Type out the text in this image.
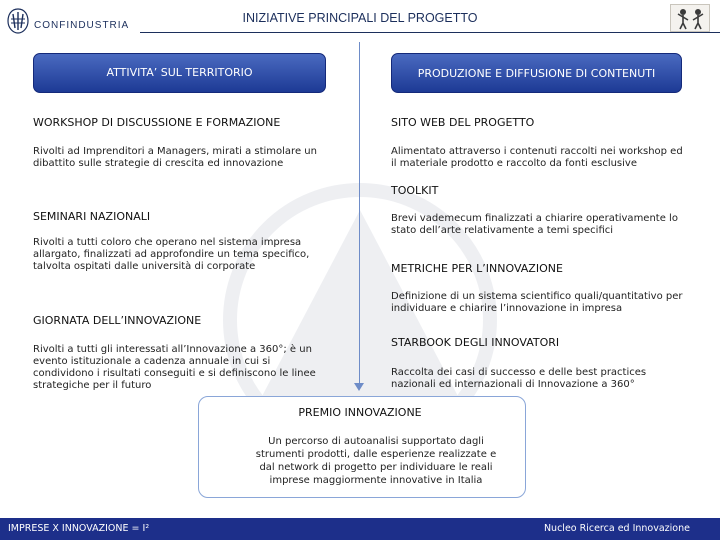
CONFINDUSTRIA	INIZIATIVE PRINCIPALI DEL PROGETTO
ATTIVITA’ SUL TERRITORIO	PRODUZIONE E DIFFUSIONE DI CONTENUTI
WORKSHOP DI DISCUSSIONE E FORMAZIONE
Rivolti ad Imprenditori a Managers, mirati a stimolare un
dibattito sulle strategie di crescita ed innovazione
SEMINARI NAZIONALI
Rivolti a tutti coloro che operano nel sistema impresa
allargato, finalizzati ad approfondire un tema specifico,
talvolta ospitati dalle università di corporate
GIORNATA DELL’INNOVAZIONE
Rivolti a tutti gli interessati all’Innovazione a 360°; è un
evento istituzionale a cadenza annuale in cui si
condividono i risultati conseguiti e si definiscono le linee
strategiche per il futuro
SITO WEB DEL PROGETTO
Alimentato attraverso i contenuti raccolti nei workshop ed
il materiale prodotto e raccolto da fonti esclusive
TOOLKIT
Brevi vademecum finalizzati a chiarire operativamente lo
stato dell’arte relativamente a temi specifici
METRICHE PER L’INNOVAZIONE
Definizione di un sistema scientifico quali/quantitativo per
individuare e chiarire l’innovazione in impresa
STARBOOK DEGLI INNOVATORI
Raccolta dei casi di successo e delle best practices
nazionali ed internazionali di Innovazione a 360°
PREMIO INNOVAZIONE
Un percorso di autoanalisi supportato dagli
strumenti prodotti, dalle esperienze realizzate e
dal network di progetto per individuare le reali
imprese maggiormente innovative in Italia
IMPRESE X INNOVAZIONE = I²	Nucleo Ricerca ed Innovazione
